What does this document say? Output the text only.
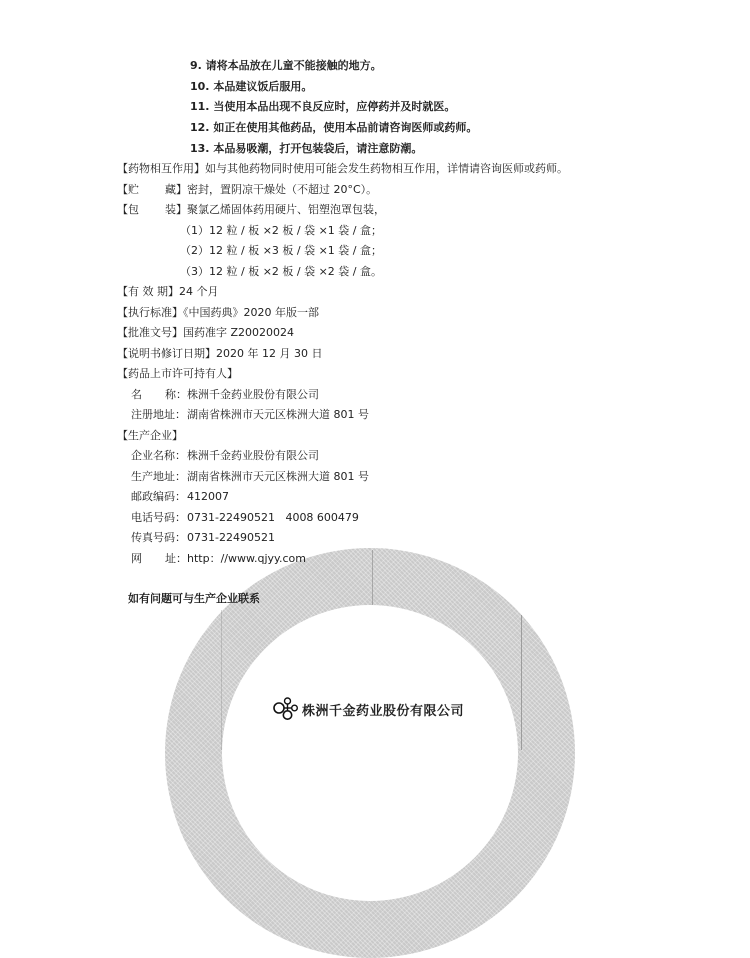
9. 请将本品放在儿童不能接触的地方。
10. 本品建议饭后服用。
11. 当使用本品出现不良反应时，应停药并及时就医。
12. 如正在使用其他药品，使用本品前请咨询医师或药师。
13. 本品易吸潮，打开包装袋后，请注意防潮。
【药物相互作用】如与其他药物同时使用可能会发生药物相互作用，详情请咨询医师或药师。
【贮 藏】密封，置阴凉干燥处（不超过 20°C）。
【包 装】聚氯乙烯固体药用硬片、铝塑泡罩包装，
（1）12 粒 / 板 ×2 板 / 袋 ×1 袋 / 盒；
（2）12 粒 / 板 ×3 板 / 袋 ×1 袋 / 盒；
（3）12 粒 / 板 ×2 板 / 袋 ×2 袋 / 盒。
【有 效 期】24 个月
【执行标准】《中国药典》2020 年版一部
【批准文号】国药准字 Z20020024
【说明书修订日期】2020 年 12 月 30 日
【药品上市许可持有人】
名 称：株洲千金药业股份有限公司
注册地址：湖南省株洲市天元区株洲大道 801 号
【生产企业】
企业名称：株洲千金药业股份有限公司
生产地址：湖南省株洲市天元区株洲大道 801 号
邮政编码：412007
电话号码：0731-22490521   4008 600479
传真号码：0731-22490521
网 址：http：//www.qjyy.com
如有问题可与生产企业联系
株洲千金药业股份有限公司
